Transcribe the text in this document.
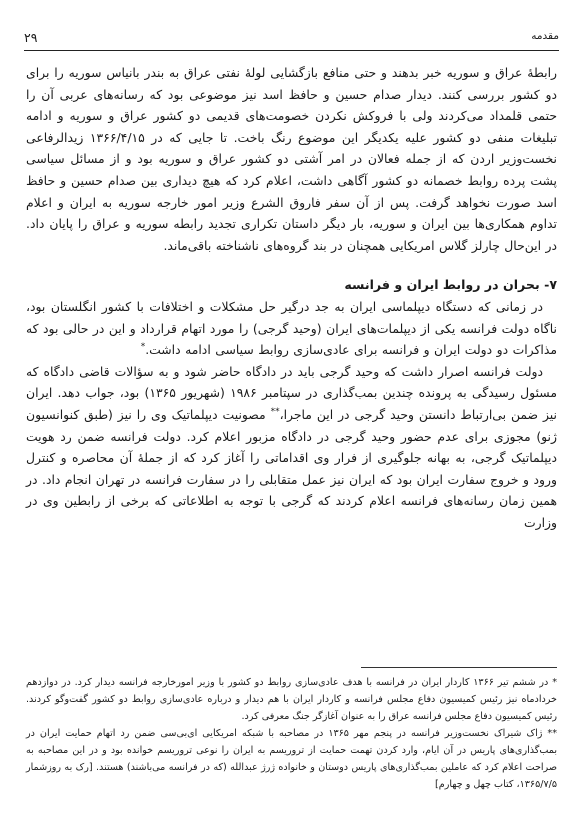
۲۹	مقدمه

رابطهٔ عراق و سوریه خبر بدهند و حتی منافع بازگشایی لولهٔ نفتی عراق به بندر بانیاس سوریه را برای دو کشور بررسی کنند. دیدار صدام حسین و حافظ اسد نیز موضوعی بود که رسانه‌های عربی آن را حتمی قلمداد می‌کردند ولی با فروکش نکردن خصومت‌های قدیمی دو کشور عراق و سوریه و ادامه تبلیغات منفی دو کشور علیه یکدیگر این موضوع رنگ باخت. تا جایی که در ۱۳۶۶/۴/۱۵ زیدالرفاعی نخست‌وزیر اردن که از جمله فعالان در امر آشتی دو کشور عراق و سوریه بود و از مسائل سیاسی پشت پرده روابط خصمانه دو کشور آگاهی داشت، اعلام کرد که هیچ دیداری بین صدام حسین و حافظ اسد صورت نخواهد گرفت. پس از آن سفر فاروق الشرع وزیر امور خارجه سوریه به ایران و اعلام تداوم همکاری‌ها بین ایران و سوریه، بار دیگر داستان تکراری تجدید رابطه سوریه و عراق را پایان داد. در این‌حال چارلز گلاس امریکایی همچنان در بند گروه‌های ناشناخته باقی‌ماند.

۷- بحران در روابط ایران و فرانسه

در زمانی که دستگاه دیپلماسی ایران به جد درگیر حل مشکلات و اختلافات با کشور انگلستان بود، ناگاه دولت فرانسه یکی از دیپلمات‌های ایران (وحید گرجی) را مورد اتهام قرارداد و این در حالی بود که مذاکرات دو دولت ایران و فرانسه برای عادی‌سازی روابط سیاسی ادامه داشت.*

دولت فرانسه اصرار داشت که وحید گرجی باید در دادگاه حاضر شود و به سؤالات قاضی دادگاه که مسئول رسیدگی به پرونده چندین بمب‌گذاری در سپتامبر ۱۹۸۶ (شهریور ۱۳۶۵) بود، جواب دهد. ایران نیز ضمن بی‌ارتباط دانستن وحید گرجی در این ماجرا،** مصونیت دیپلماتیک وی را نیز (طبق کنوانسیون ژنو) مجوزی برای عدم حضور وحید گرجی در دادگاه مزبور اعلام کرد. دولت فرانسه ضمن رد هویت دیپلماتیک گرجی، به بهانه جلوگیری از فرار وی اقداماتی را آغاز کرد که از جملهٔ آن محاصره و کنترل ورود و خروج سفارت ایران بود که ایران نیز عمل متقابلی را در سفارت فرانسه در تهران انجام داد. در همین زمان رسانه‌های فرانسه اعلام کردند که گرجی با توجه به اطلاعاتی که برخی از رابطین وی در وزارت

* در ششم تیر ۱۳۶۶ کاردار ایران در فرانسه با هدف عادی‌سازی روابط دو کشور با وزیر امورخارجه فرانسه دیدار کرد. در دوازدهم خردادماه نیز رئیس کمیسیون دفاع مجلس فرانسه و کاردار ایران با هم دیدار و درباره عادی‌سازی روابط دو کشور گفت‌وگو کردند. رئیس کمیسیون دفاع مجلس فرانسه عراق را به عنوان آغازگر جنگ معرفی کرد.

** ژاک شیراک نخست‌وزیر فرانسه در پنجم مهر ۱۳۶۵ در مصاحبه با شبکه امریکایی ای‌بی‌سی ضمن رد اتهام حمایت ایران در بمب‌گذاری‌های پاریس در آن ایام، وارد کردن تهمت حمایت از تروریسم به ایران را نوعی تروریسم خوانده بود و در این مصاحبه به صراحت اعلام کرد که عاملین بمب‌گذاری‌های پاریس دوستان و خانواده ژرژ عبدالله (که در فرانسه می‌باشند) هستند. [رک به روزشمار ۱۳۶۵/۷/۵، کتاب چهل و چهارم]
